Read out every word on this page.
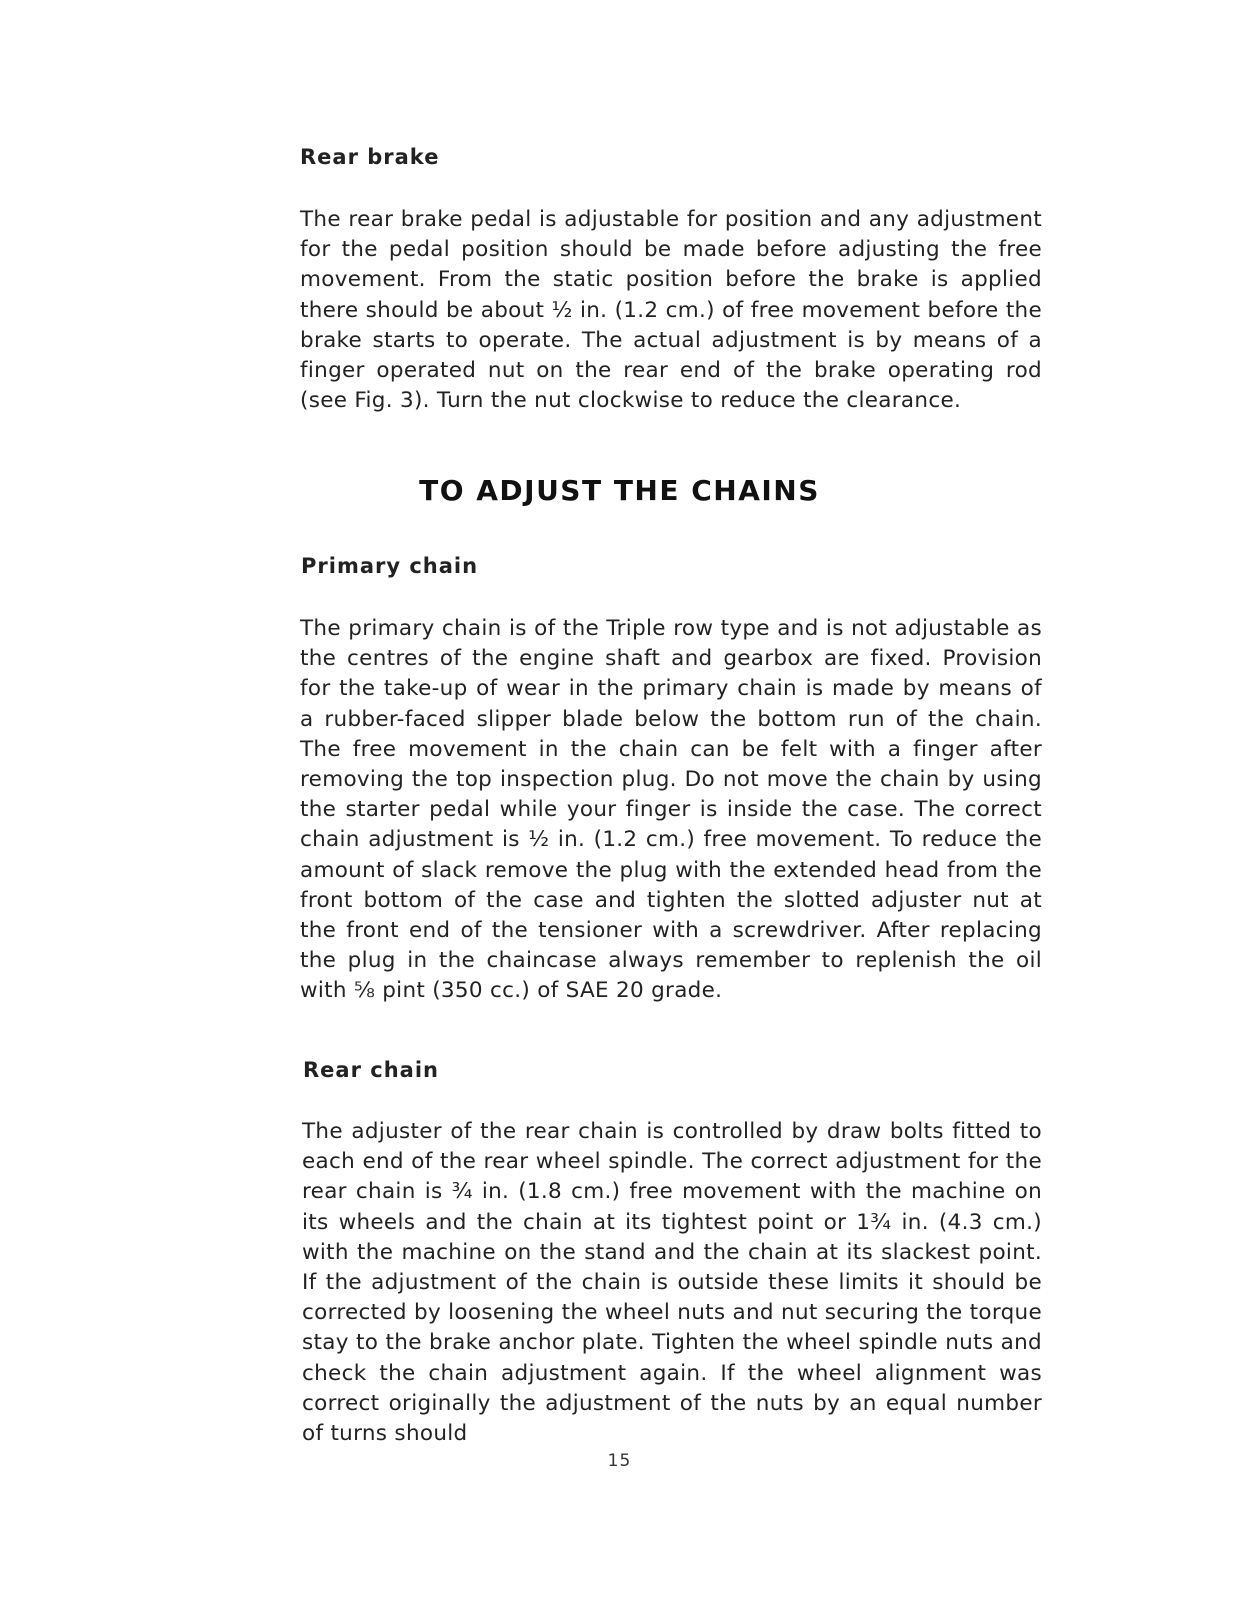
Rear brake

The rear brake pedal is adjustable for position and any adjustment for the pedal position should be made before adjusting the free movement. From the static position before the brake is applied there should be about ½ in. (1.2 cm.) of free movement before the brake starts to operate. The actual adjustment is by means of a finger operated nut on the rear end of the brake operating rod (see Fig. 3). Turn the nut clockwise to reduce the clearance.

TO ADJUST THE CHAINS
Primary chain

The primary chain is of the Triple row type and is not adjustable as the centres of the engine shaft and gearbox are fixed. Provision for the take-up of wear in the primary chain is made by means of a rubber-faced slipper blade below the bottom run of the chain. The free movement in the chain can be felt with a finger after removing the top inspection plug. Do not move the chain by using the starter pedal while your finger is inside the case. The correct chain adjustment is ½ in. (1.2 cm.) free movement. To reduce the amount of slack remove the plug with the extended head from the front bottom of the case and tighten the slotted adjuster nut at the front end of the tensioner with a screwdriver. After replacing the plug in the chaincase always remember to replenish the oil with ⅝ pint (350 cc.) of SAE 20 grade.

Rear chain

The adjuster of the rear chain is controlled by draw bolts fitted to each end of the rear wheel spindle. The correct adjustment for the rear chain is ¾ in. (1.8 cm.) free movement with the machine on its wheels and the chain at its tightest point or 1¾ in. (4.3 cm.) with the machine on the stand and the chain at its slackest point. If the adjustment of the chain is outside these limits it should be corrected by loosening the wheel nuts and nut securing the torque stay to the brake anchor plate. Tighten the wheel spindle nuts and check the chain adjustment again. If the wheel alignment was correct originally the adjustment of the nuts by an equal number of turns should

15
